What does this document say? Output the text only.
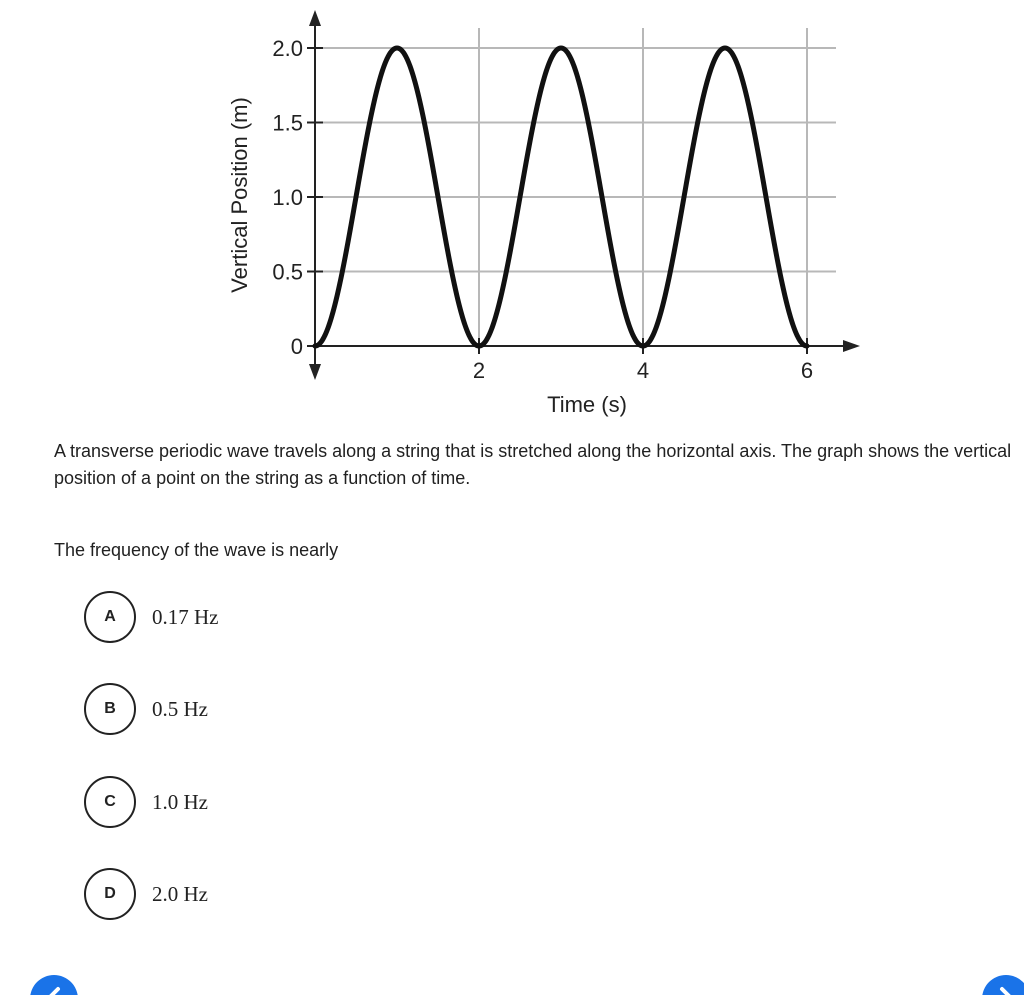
0
0.5
1.0
1.5
2.0
2	4	6
Time (s)
Vertical Position (m)

A transverse periodic wave travels along a string that is stretched along the horizontal axis. The graph shows the vertical position of a point on the string as a function of time.

The frequency of the wave is nearly

A	0.17 Hz
B	0.5 Hz
C	1.0 Hz
D	2.0 Hz
